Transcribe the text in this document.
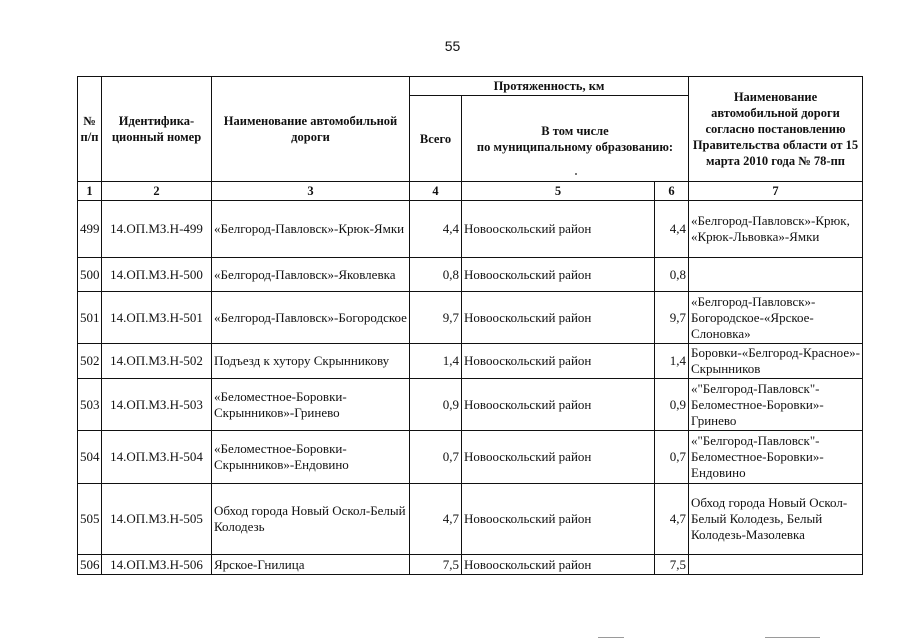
55
№ п/п	Идентифика-ционный номер	Наименование автомобильной дороги	Протяженность, км			Наименование автомобильной дороги согласно постановлению Правительства области от 15 марта 2010 года № 78-пп
			Всего	В том числе
по муниципальному образованию:		

1	2	3	4	5	6	7
499	14.ОП.МЗ.Н-499	«Белгород-Павловск»-Крюк-Ямки	4,4	Новооскольский район	4,4	«Белгород-Павловск»-Крюк, «Крюк-Львовка»-Ямки
500	14.ОП.МЗ.Н-500	«Белгород-Павловск»-Яковлевка	0,8	Новооскольский район	0,8	
501	14.ОП.МЗ.Н-501	«Белгород-Павловск»-Богородское	9,7	Новооскольский район	9,7	«Белгород-Павловск»-Богородское-«Ярское-Слоновка»
502	14.ОП.МЗ.Н-502	Подъезд к хутору Скрынникову	1,4	Новооскольский район	1,4	Боровки-«Белгород-Красное»-Скрынников
503	14.ОП.МЗ.Н-503	«Беломестное-Боровки-Скрынников»-Гринево	0,9	Новооскольский район	0,9	«"Белгород-Павловск"-Беломестное-Боровки»-Гринево
504	14.ОП.МЗ.Н-504	«Беломестное-Боровки-Скрынников»-Ендовино	0,7	Новооскольский район	0,7	«"Белгород-Павловск"-Беломестное-Боровки»-Ендовино
505	14.ОП.МЗ.Н-505	Обход города Новый Оскол-Белый Колодезь	4,7	Новооскольский район	4,7	Обход города Новый Оскол-Белый Колодезь, Белый Колодезь-Мазолевка
506	14.ОП.МЗ.Н-506	Ярское-Гнилица	7,5	Новооскольский район	7,5	
